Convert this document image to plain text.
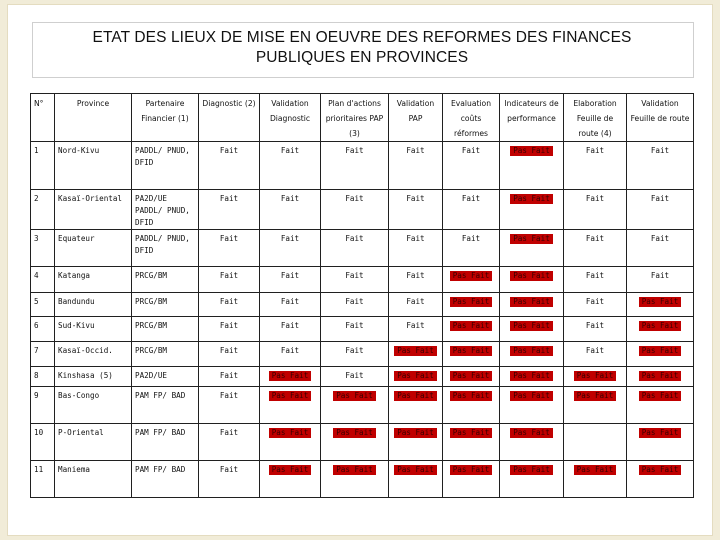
ETAT DES LIEUX DE MISE EN OEUVRE DES REFORMES DES FINANCES
PUBLIQUES EN PROVINCES
N°	Province	Partenaire Financier (1)	Diagnostic (2)	Validation Diagnostic	Plan d'actions prioritaires PAP (3)	Validation PAP	Evaluation coûts réformes	Indicateurs de performance	Elaboration Feuille de route (4)	Validation Feuille de route
1	Nord-Kivu	PADDL/ PNUD, DFID	Fait	Fait	Fait	Fait	Fait	Pas Fait	Fait	Fait
2	Kasaï-Oriental	PA2D/UE PADDL/ PNUD, DFID	Fait	Fait	Fait	Fait	Fait	Pas Fait	Fait	Fait
3	Equateur	PADDL/ PNUD, DFID	Fait	Fait	Fait	Fait	Fait	Pas Fait	Fait	Fait
4	Katanga	PRCG/BM	Fait	Fait	Fait	Fait	Pas Fait	Pas Fait	Fait	Fait
5	Bandundu	PRCG/BM	Fait	Fait	Fait	Fait	Pas Fait	Pas Fait	Fait	Pas Fait
6	Sud-Kivu	PRCG/BM	Fait	Fait	Fait	Fait	Pas Fait	Pas Fait	Fait	Pas Fait
7	Kasaï-Occid.	PRCG/BM	Fait	Fait	Fait	Pas Fait	Pas Fait	Pas Fait	Fait	Pas Fait
8	Kinshasa (5)	PA2D/UE	Fait	Pas Fait	Fait	Pas Fait	Pas Fait	Pas Fait	Pas Fait	Pas Fait
9	Bas-Congo	PAM FP/ BAD	Fait	Pas Fait	Pas Fait	Pas Fait	Pas Fait	Pas Fait	Pas Fait	Pas Fait
10	P-Oriental	PAM FP/ BAD	Fait	Pas Fait	Pas Fait	Pas Fait	Pas Fait	Pas Fait		Pas Fait
11	Maniema	PAM FP/ BAD	Fait	Pas Fait	Pas Fait	Pas Fait	Pas Fait	Pas Fait	Pas Fait	Pas Fait
